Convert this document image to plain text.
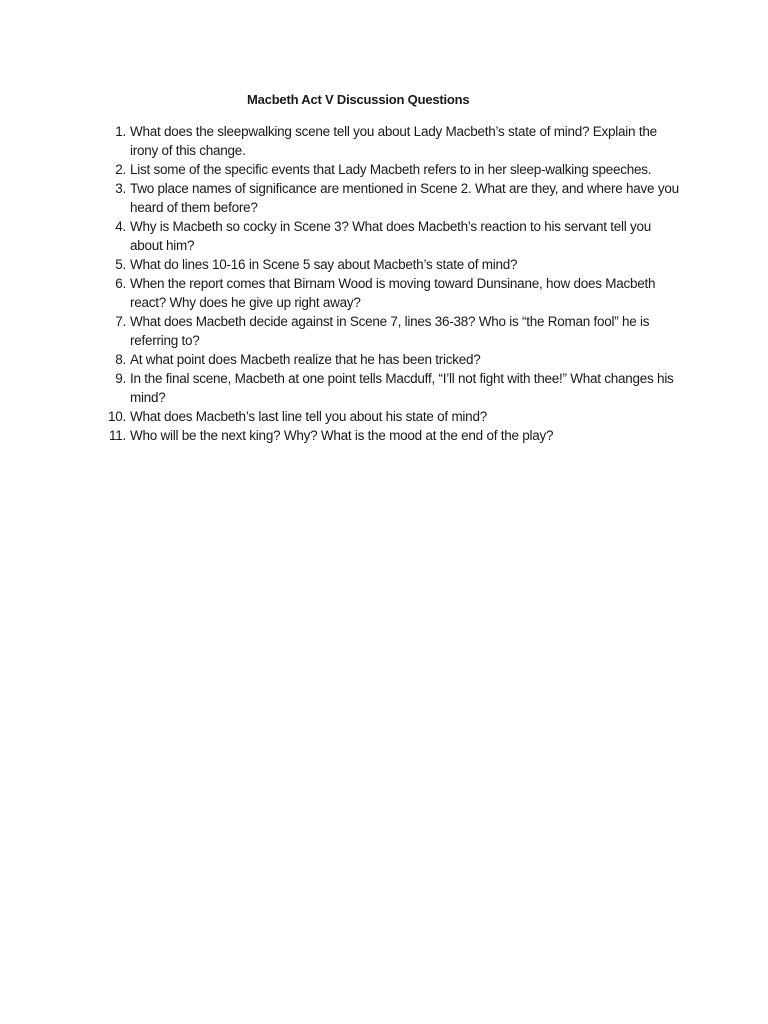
Macbeth Act V Discussion Questions
1. What does the sleepwalking scene tell you about Lady Macbeth’s state of mind? Explain the irony of this change.
2. List some of the specific events that Lady Macbeth refers to in her sleep-walking speeches.
3. Two place names of significance are mentioned in Scene 2. What are they, and where have you heard of them before?
4. Why is Macbeth so cocky in Scene 3? What does Macbeth’s reaction to his servant tell you about him?
5. What do lines 10-16 in Scene 5 say about Macbeth’s state of mind?
6. When the report comes that Birnam Wood is moving toward Dunsinane, how does Macbeth react? Why does he give up right away?
7. What does Macbeth decide against in Scene 7, lines 36-38? Who is “the Roman fool” he is referring to?
8. At what point does Macbeth realize that he has been tricked?
9. In the final scene, Macbeth at one point tells Macduff, “I’ll not fight with thee!” What changes his mind?
10. What does Macbeth’s last line tell you about his state of mind?
11. Who will be the next king? Why? What is the mood at the end of the play?
